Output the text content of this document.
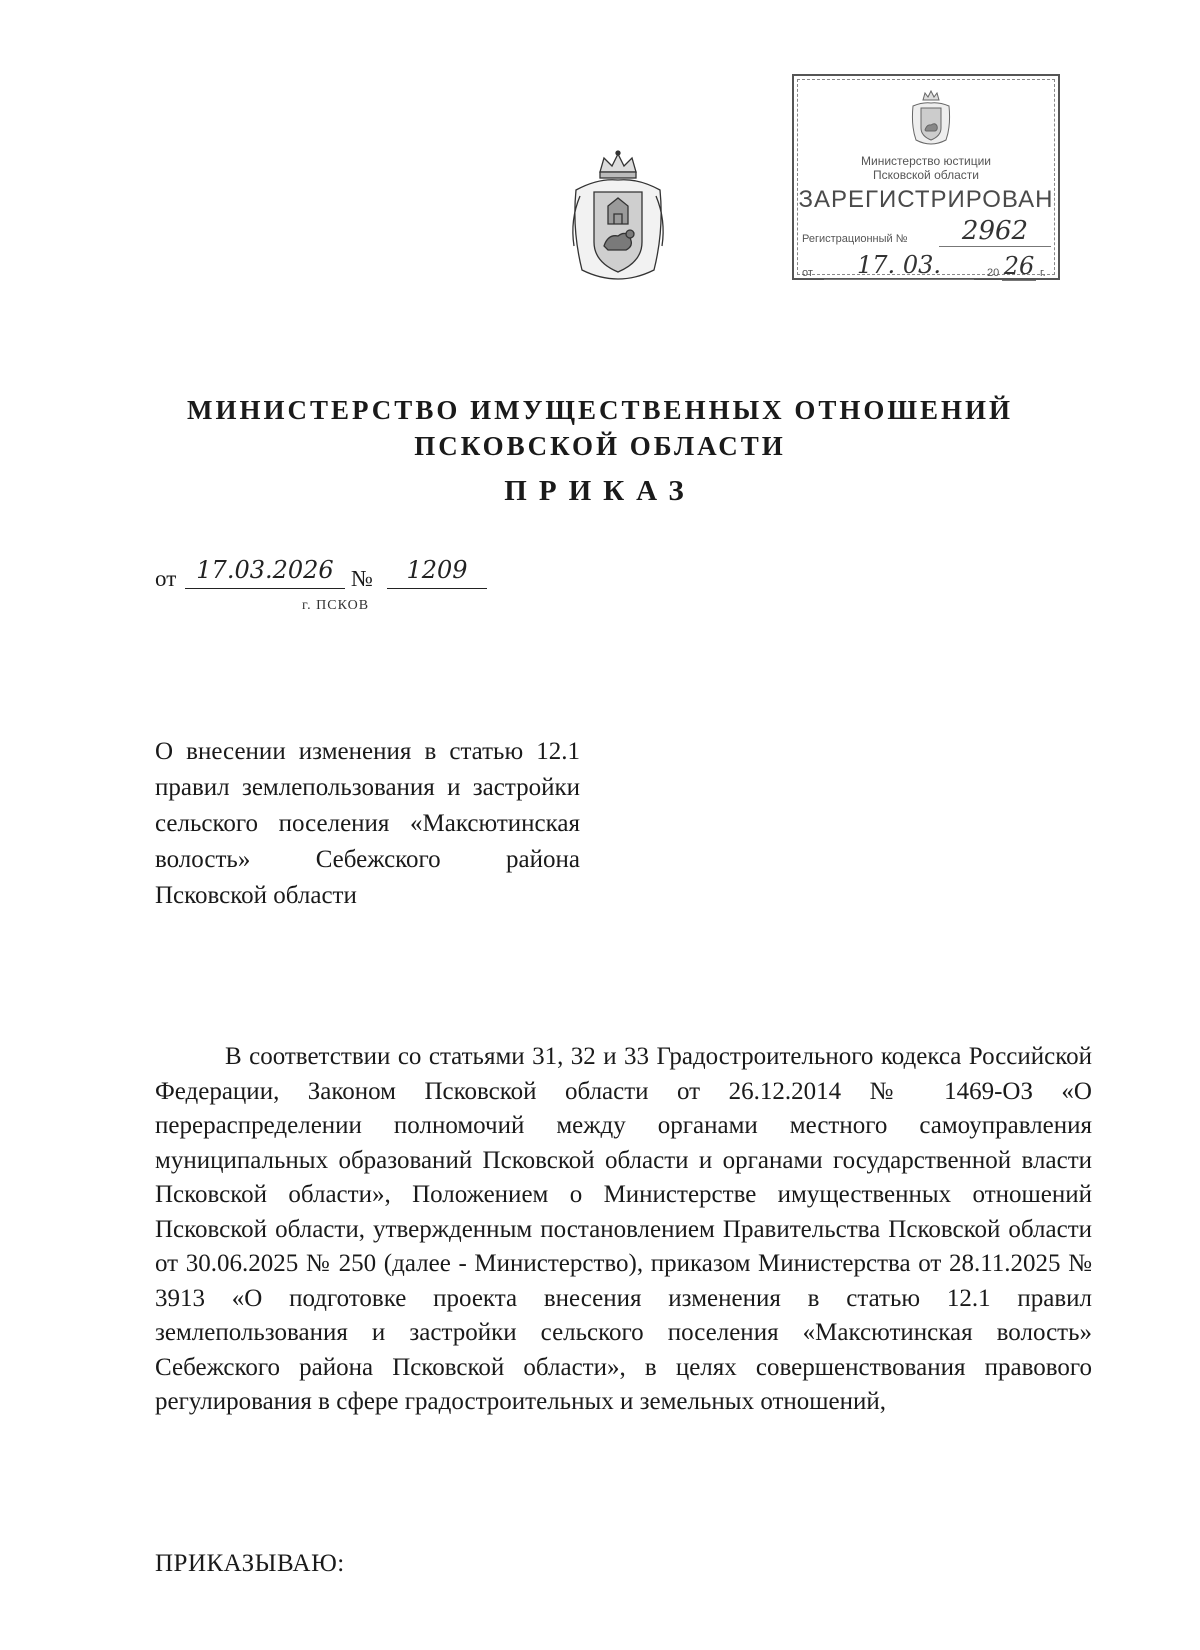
Министерство юстиции
Псковской области
ЗАРЕГИСТРИРОВАН
Регистрационный №	2962
от	17. 03.	20 26 г.
МИНИСТЕРСТВО ИМУЩЕСТВЕННЫХ ОТНОШЕНИЙ
ПСКОВСКОЙ ОБЛАСТИ
ПРИКАЗ
от 17.03.2026 №	1209
г. ПСКОВ
О внесении изменения в статью 12.1 правил землепользования и застройки сельского поселения «Максютинская волость» Себежского района Псковской области
В соответствии со статьями 31, 32 и 33 Градостроительного кодекса Российской Федерации, Законом Псковской области от 26.12.2014 № 1469-ОЗ «О перераспределении полномочий между органами местного самоуправления муниципальных образований Псковской области и органами государственной власти Псковской области», Положением о Министерстве имущественных отношений Псковской области, утвержденным постановлением Правительства Псковской области от 30.06.2025 № 250 (далее - Министерство), приказом Министерства от 28.11.2025 № 3913 «О подготовке проекта внесения изменения в статью 12.1 правил землепользования и застройки сельского поселения «Максютинская волость» Себежского района Псковской области», в целях совершенствования правового регулирования в сфере градостроительных и земельных отношений,
ПРИКАЗЫВАЮ:
